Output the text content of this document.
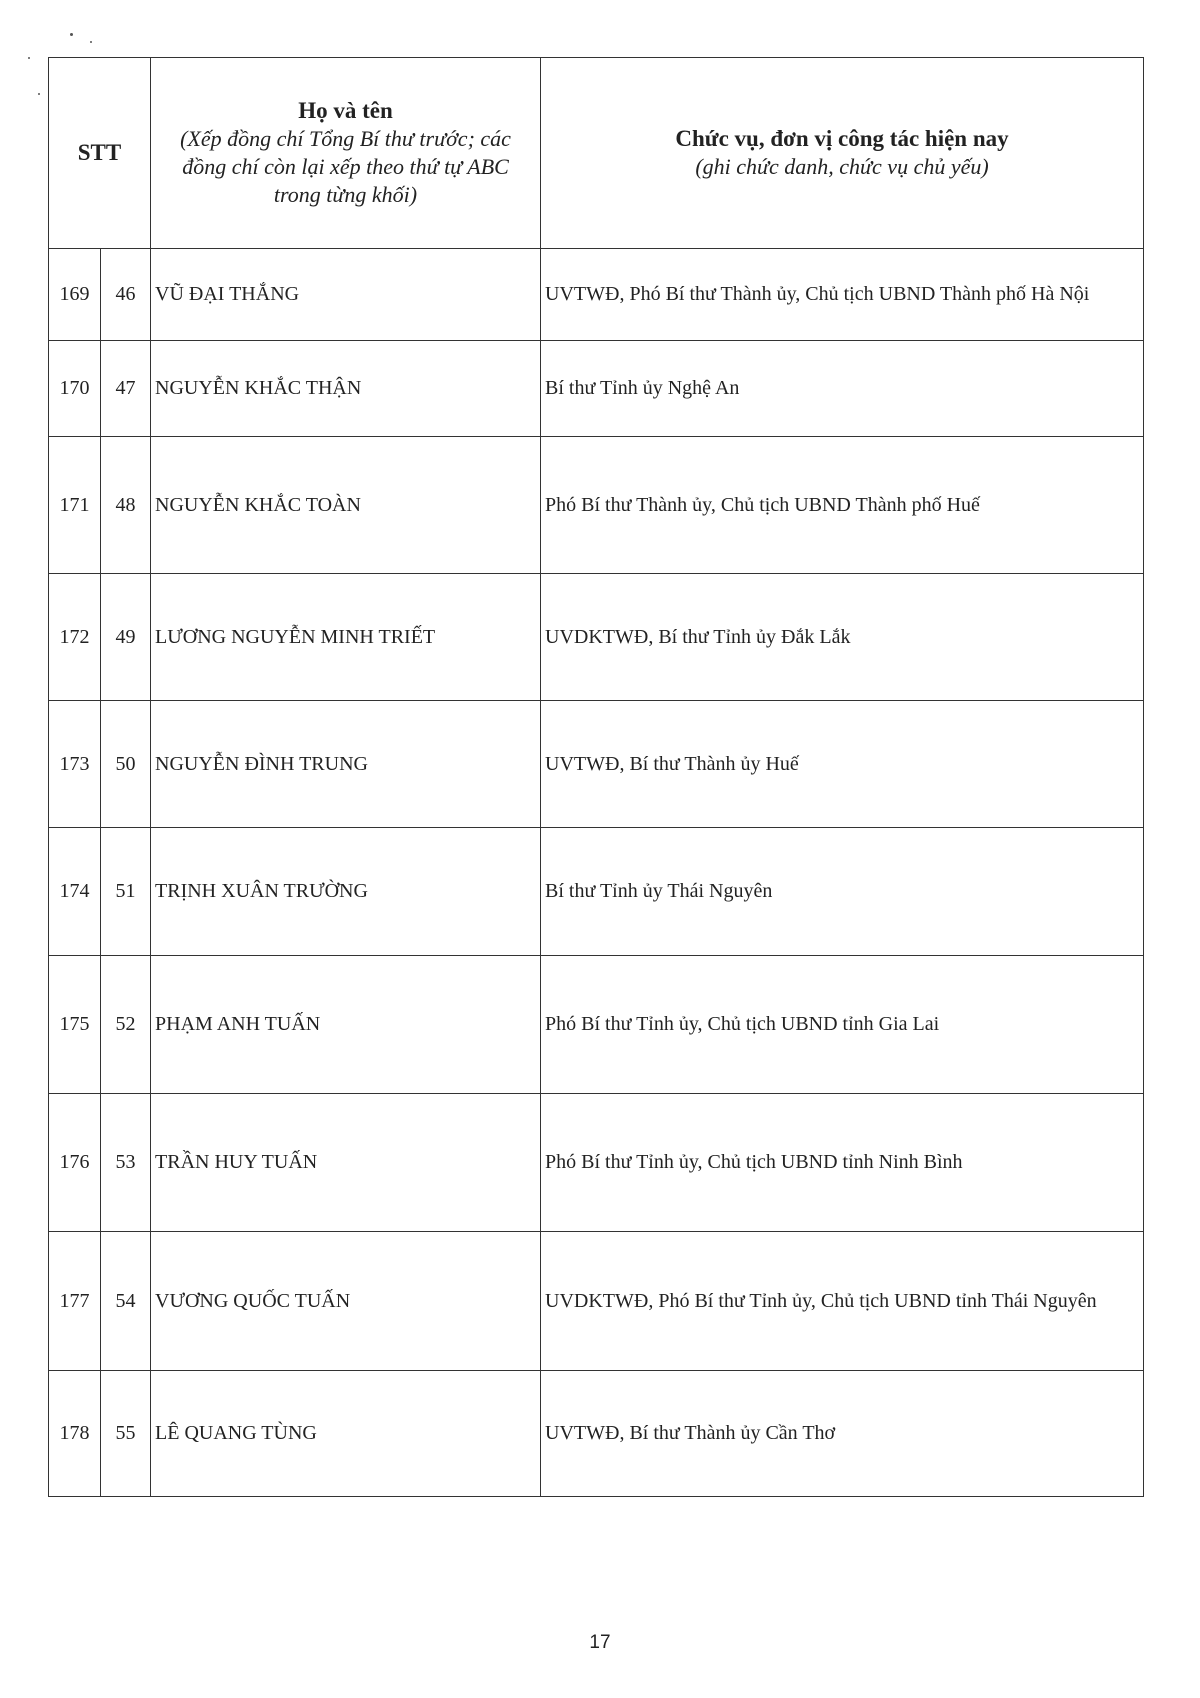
STT		Họ và tên
(Xếp đồng chí Tổng Bí thư trước; các đồng chí còn lại xếp theo thứ tự ABC trong từng khối)	Chức vụ, đơn vị công tác hiện nay
(ghi chức danh, chức vụ chủ yếu)

169	46	VŨ ĐẠI THẮNG	UVTWĐ, Phó Bí thư Thành ủy, Chủ tịch UBND Thành phố Hà Nội
170	47	NGUYỄN KHẮC THẬN	Bí thư Tỉnh ủy Nghệ An
171	48	NGUYỄN KHẮC TOÀN	Phó Bí thư Thành ủy, Chủ tịch UBND Thành phố Huế
172	49	LƯƠNG NGUYỄN MINH TRIẾT	UVDKTWĐ, Bí thư Tỉnh ủy Đắk Lắk
173	50	NGUYỄN ĐÌNH TRUNG	UVTWĐ, Bí thư Thành ủy Huế
174	51	TRỊNH XUÂN TRƯỜNG	Bí thư Tỉnh ủy Thái Nguyên
175	52	PHẠM ANH TUẤN	Phó Bí thư Tỉnh ủy, Chủ tịch UBND tỉnh Gia Lai
176	53	TRẦN HUY TUẤN	Phó Bí thư Tỉnh ủy, Chủ tịch UBND tỉnh Ninh Bình
177	54	VƯƠNG QUỐC TUẤN	UVDKTWĐ, Phó Bí thư Tỉnh ủy, Chủ tịch UBND tỉnh Thái Nguyên
178	55	LÊ QUANG TÙNG	UVTWĐ, Bí thư Thành ủy Cần Thơ
17
